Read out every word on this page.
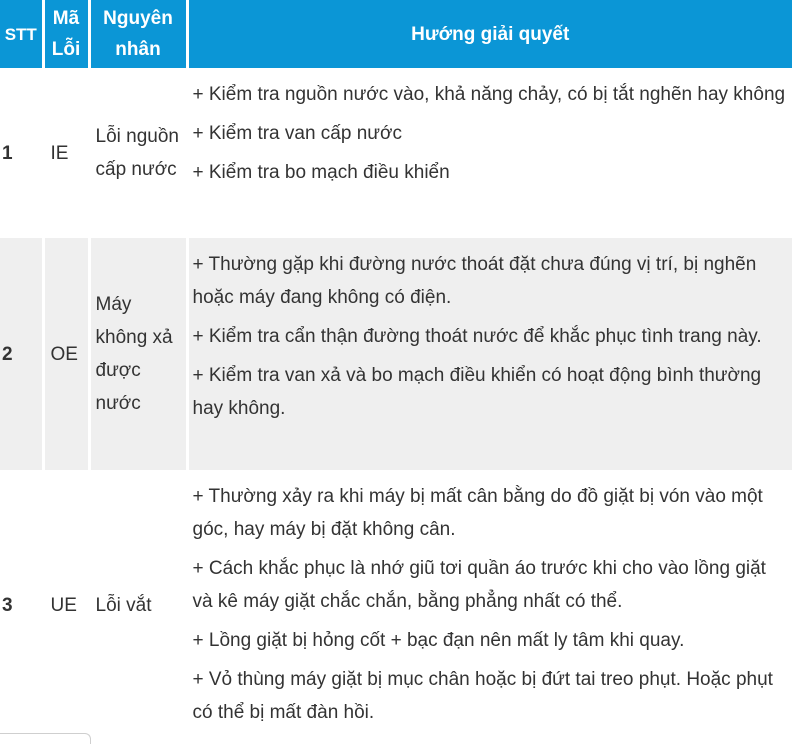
STT	Mã Lỗi	Nguyên nhân	Hướng giải quyết
1	IE	Lỗi nguồn cấp nước	+ Kiểm tra nguồn nước vào, khả năng chảy, có bị tắt nghẽn hay không

+ Kiểm tra van cấp nước

+ Kiểm tra bo mạch điều khiển

2	OE	Máy không xả được nước	+ Thường gặp khi đường nước thoát đặt chưa đúng vị trí, bị nghẽn hoặc máy đang không có điện.

+ Kiểm tra cẩn thận đường thoát nước để khắc phục tình trang này.

+ Kiểm tra van xả và bo mạch điều khiển có hoạt động bình thường hay không.

3	UE	Lỗi vắt	+ Thường xảy ra khi máy bị mất cân bằng do đồ giặt bị vón vào một góc, hay máy bị đặt không cân.

+ Cách khắc phục là nhớ giũ tơi quần áo trước khi cho vào lồng giặt và kê máy giặt chắc chắn, bằng phẳng nhất có thể.

+ Lồng giặt bị hỏng cốt + bạc đạn nên mất ly tâm khi quay.

+ Vỏ thùng máy giặt bị mục chân hoặc bị đứt tai treo phụt. Hoặc phụt có thể bị mất đàn hồi.
